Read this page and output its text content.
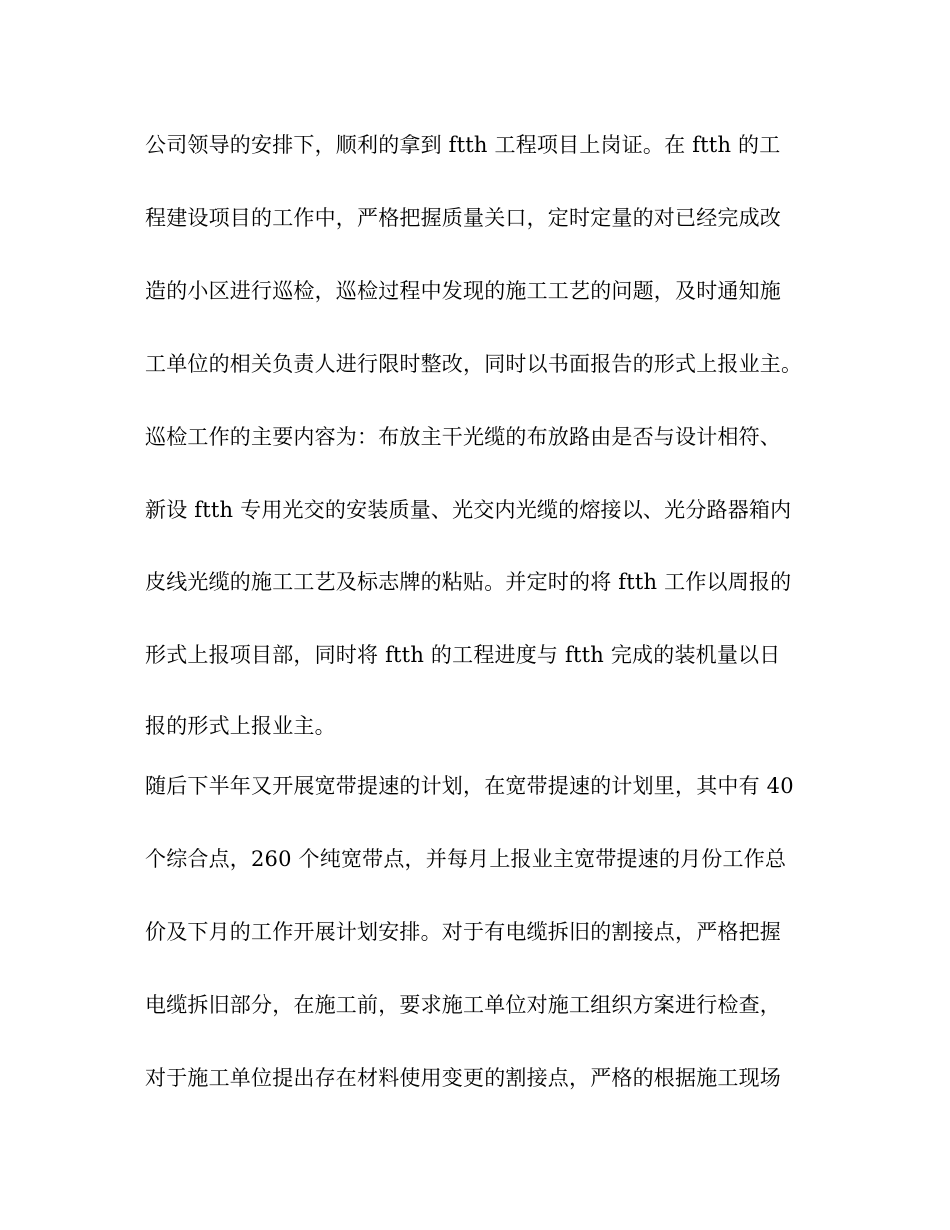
公司领导的安排下，顺利的拿到 ftth 工程项目上岗证。在 ftth 的工
程建设项目的工作中，严格把握质量关口，定时定量的对已经完成改
造的小区进行巡检，巡检过程中发现的施工工艺的问题，及时通知施
工单位的相关负责人进行限时整改，同时以书面报告的形式上报业主。
巡检工作的主要内容为：布放主干光缆的布放路由是否与设计相符、
新设 ftth 专用光交的安装质量、光交内光缆的熔接以、光分路器箱内
皮线光缆的施工工艺及标志牌的粘贴。并定时的将 ftth 工作以周报的
形式上报项目部，同时将 ftth 的工程进度与 ftth 完成的装机量以日
报的形式上报业主。
随后下半年又开展宽带提速的计划，在宽带提速的计划里，其中有 40
个综合点，260 个纯宽带点，并每月上报业主宽带提速的月份工作总
价及下月的工作开展计划安排。对于有电缆拆旧的割接点，严格把握
电缆拆旧部分，在施工前，要求施工单位对施工组织方案进行检查，
对于施工单位提出存在材料使用变更的割接点，严格的根据施工现场
